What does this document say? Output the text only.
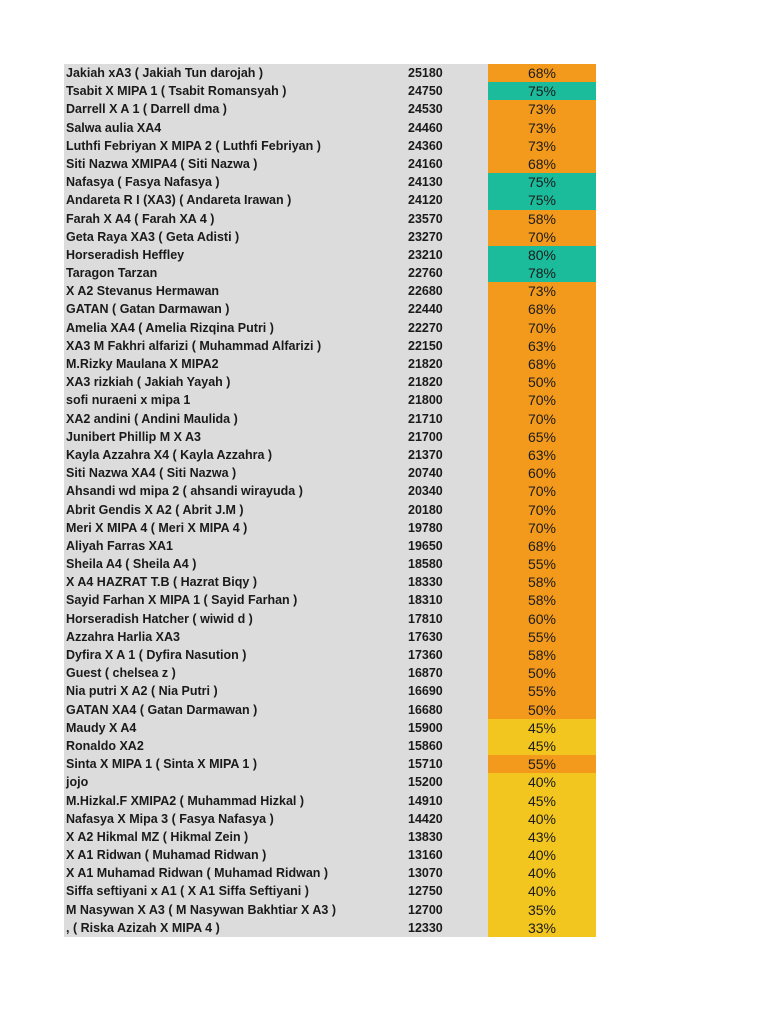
Jakiah xA3 ( Jakiah Tun darojah )	25180	68%
Tsabit X MIPA 1 ( Tsabit Romansyah )	24750	75%
Darrell X A 1 ( Darrell dma )	24530	73%
Salwa aulia XA4	24460	73%
Luthfi Febriyan X MIPA 2 ( Luthfi Febriyan )	24360	73%
Siti Nazwa XMIPA4 ( Siti Nazwa )	24160	68%
Nafasya ( Fasya Nafasya )	24130	75%
Andareta R I (XA3) ( Andareta Irawan )	24120	75%
Farah X A4 ( Farah XA 4 )	23570	58%
Geta Raya XA3 ( Geta Adisti )	23270	70%
Horseradish Heffley	23210	80%
Taragon Tarzan	22760	78%
X A2 Stevanus Hermawan	22680	73%
GATAN ( Gatan Darmawan )	22440	68%
Amelia XA4 ( Amelia Rizqina Putri )	22270	70%
XA3 M Fakhri alfarizi ( Muhammad Alfarizi )	22150	63%
M.Rizky Maulana X MIPA2	21820	68%
XA3 rizkiah ( Jakiah Yayah )	21820	50%
sofi nuraeni x mipa 1	21800	70%
XA2 andini ( Andini Maulida )	21710	70%
Junibert Phillip M X A3	21700	65%
Kayla Azzahra X4 ( Kayla Azzahra )	21370	63%
Siti Nazwa XA4 ( Siti Nazwa )	20740	60%
Ahsandi wd mipa 2 ( ahsandi wirayuda )	20340	70%
Abrit Gendis X A2 ( Abrit J.M )	20180	70%
Meri X MIPA 4 ( Meri X MIPA 4 )	19780	70%
Aliyah Farras XA1	19650	68%
Sheila A4 ( Sheila A4 )	18580	55%
X A4 HAZRAT T.B ( Hazrat Biqy )	18330	58%
Sayid Farhan X MIPA 1 ( Sayid Farhan )	18310	58%
Horseradish Hatcher ( wiwid d )	17810	60%
Azzahra Harlia XA3	17630	55%
Dyfira X A 1 ( Dyfira Nasution )	17360	58%
Guest ( chelsea z )	16870	50%
Nia putri X A2 ( Nia Putri )	16690	55%
GATAN XA4 ( Gatan Darmawan )	16680	50%
Maudy X A4	15900	45%
Ronaldo XA2	15860	45%
Sinta X MIPA 1 ( Sinta X MIPA 1 )	15710	55%
jojo	15200	40%
M.Hizkal.F XMIPA2 ( Muhammad Hizkal )	14910	45%
Nafasya X Mipa 3 ( Fasya Nafasya )	14420	40%
X A2 Hikmal MZ ( Hikmal Zein )	13830	43%
X A1 Ridwan ( Muhamad Ridwan )	13160	40%
X A1 Muhamad Ridwan ( Muhamad Ridwan )	13070	40%
Siffa seftiyani x A1 ( X A1 Siffa Seftiyani )	12750	40%
M Nasywan X A3 ( M Nasywan Bakhtiar X A3 )	12700	35%
, ( Riska Azizah X MIPA 4 )	12330	33%
